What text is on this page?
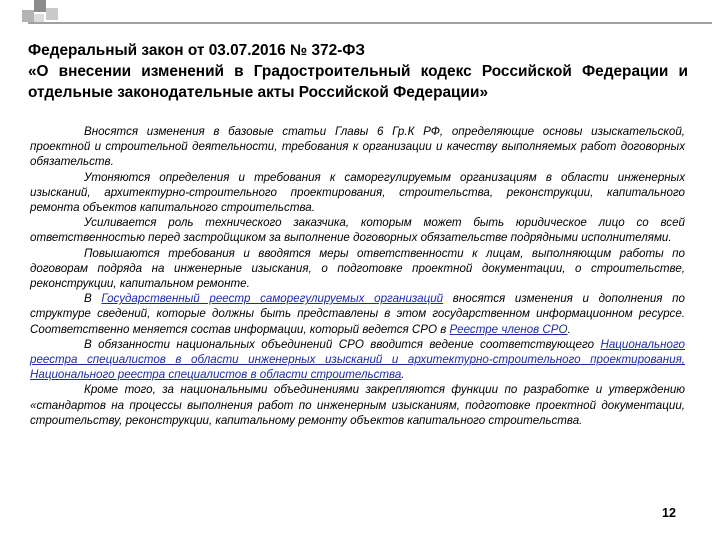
Федеральный закон от 03.07.2016 № 372-ФЗ
«О внесении изменений в Градостроительный кодекс Российской Федерации и отдельные законодательные акты Российской Федерации»

Вносятся изменения в базовые статьи Главы 6 Гр.К РФ, определяющие основы изыскательской, проектной и строительной деятельности, требования к организации и качеству выполняемых работ договорных обязательств.

Утоняются определения и требования к саморегулируемым организациям в области инженерных изысканий, архитектурно-строительного проектирования, строительства, реконструкции, капитального ремонта объектов капитального строительства.

Усиливается роль технического заказчика, которым может быть юридическое лицо со всей ответственностью перед застройщиком за выполнение договорных обязательстве подрядными исполнителями.

Повышаются требования и вводятся меры ответственности к лицам, выполняющим работы по договорам подряда на инженерные изыскания, о подготовке проектной документации, о строительстве, реконструкции, капитальном ремонте.

В Государственный реестр саморегулируемых организаций вносятся изменения и дополнения по структуре сведений, которые должны быть представлены в этом государственном информационном ресурсе. Соответственно меняется состав информации, который ведется СРО в Реестре членов СРО.

В обязанности национальных объединений СРО вводится ведение соответствующего Национального реестра специалистов в области инженерных изысканий и архитектурно-строительного проектирования, Национального реестра специалистов в области строительства.

Кроме того, за национальными объединениями закрепляются функции по разработке и утверждению «стандартов на процессы выполнения работ по инженерным изысканиям, подготовке проектной документации, строительству, реконструкции, капитальному ремонту объектов капитального строительства.

12
